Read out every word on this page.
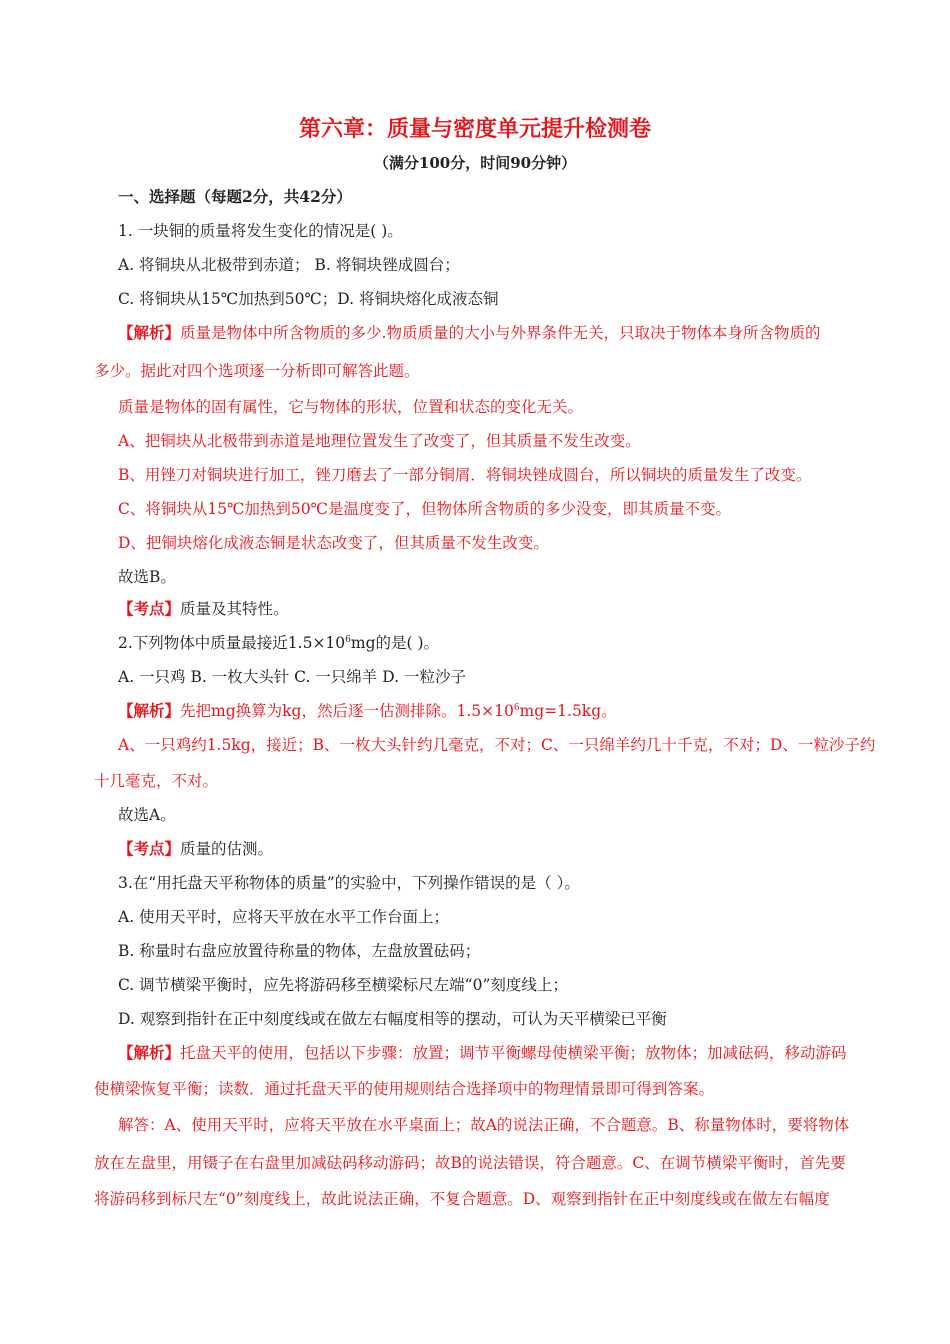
第六章：质量与密度单元提升检测卷
（满分100分，时间90分钟）
一、选择题（每题2分，共42分）
1. 一块铜的质量将发生变化的情况是( )。
A. 将铜块从北极带到赤道； B. 将铜块锉成圆台；
C. 将铜块从15℃加热到50℃；D. 将铜块熔化成液态铜
【解析】质量是物体中所含物质的多少.物质质量的大小与外界条件无关，只取决于物体本身所含物质的
多少。据此对四个选项逐一分析即可解答此题。
质量是物体的固有属性，它与物体的形状，位置和状态的变化无关。
A、把铜块从北极带到赤道是地理位置发生了改变了，但其质量不发生改变。
B、用锉刀对铜块进行加工，锉刀磨去了一部分铜屑．将铜块锉成圆台，所以铜块的质量发生了改变。
C、将铜块从15℃加热到50℃是温度变了，但物体所含物质的多少没变，即其质量不变。
D、把铜块熔化成液态铜是状态改变了，但其质量不发生改变。
故选B。
【考点】质量及其特性。
2.下列物体中质量最接近$1.5\times 10^6mg$的是( )。
A. 一只鸡 B. 一枚大头针 C. 一只绵羊 D. 一粒沙子
【解析】先把mg换算为kg，然后逐一估测排除。$1.5\times 10^6mg=1.5kg$。
A、一只鸡约1.5kg，接近；B、一枚大头针约几毫克，不对；C、一只绵羊约几十千克，不对；D、一粒沙子约
十几毫克，不对。
故选A。
【考点】质量的估测。
3.在“用托盘天平称物体的质量”的实验中，下列操作错误的是（ ）。
A. 使用天平时，应将天平放在水平工作台面上；
B. 称量时右盘应放置待称量的物体，左盘放置砝码；
C. 调节横梁平衡时，应先将游码移至横梁标尺左端“0”刻度线上；
D. 观察到指针在正中刻度线或在做左右幅度相等的摆动，可认为天平横梁已平衡
【解析】托盘天平的使用，包括以下步骤：放置；调节平衡螺母使横梁平衡；放物体；加减砝码，移动游码
使横梁恢复平衡；读数．通过托盘天平的使用规则结合选择项中的物理情景即可得到答案。
解答：A、使用天平时，应将天平放在水平桌面上；故A的说法正确，不合题意。B、称量物体时，要将物体
放在左盘里，用镊子在右盘里加减砝码移动游码；故B的说法错误，符合题意。C、在调节横梁平衡时，首先要
将游码移到标尺左“0”刻度线上，故此说法正确，不复合题意。D、观察到指针在正中刻度线或在做左右幅度
